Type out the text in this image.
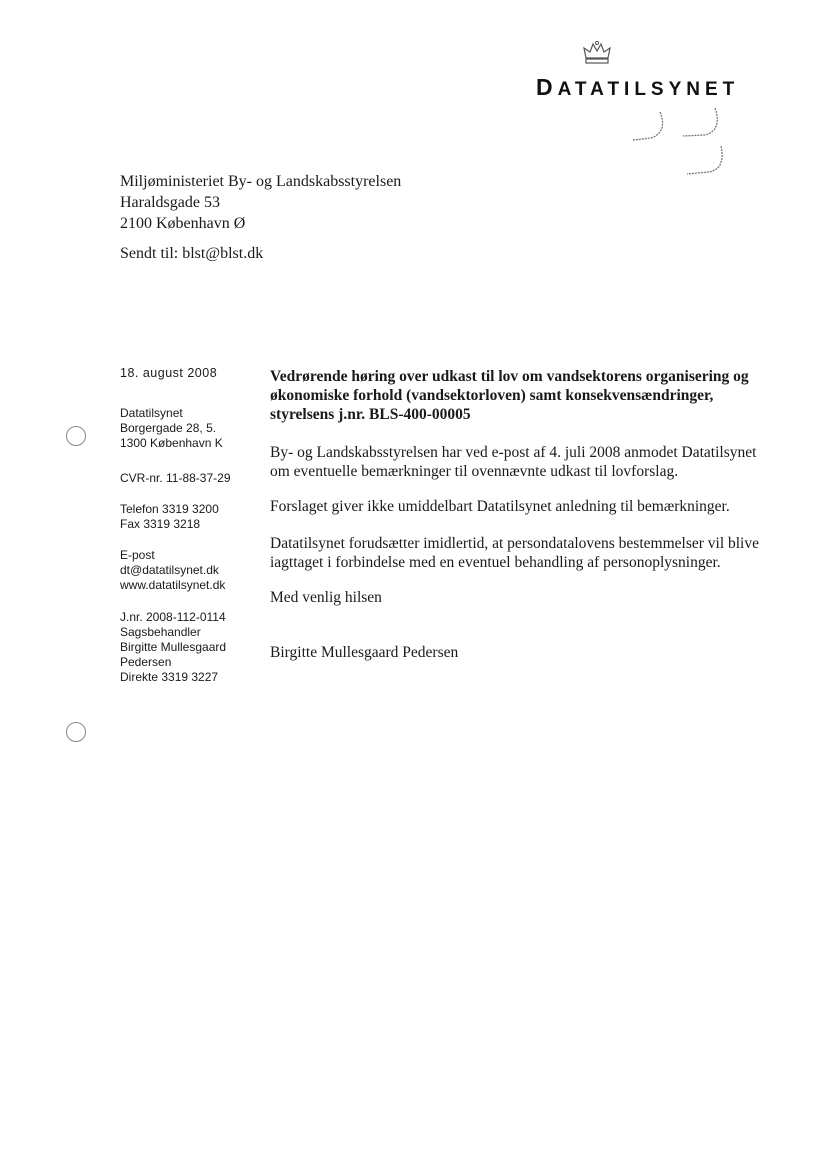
DATATILSYNET
Miljøministeriet By- og Landskabsstyrelsen
Haraldsgade 53
2100 København Ø
Sendt til: blst@blst.dk
18. august 2008
Datatilsynet
Borgergade 28, 5.
1300 København K
CVR-nr. 11-88-37-29
Telefon 3319 3200
Fax 3319 3218
E-post
dt@datatilsynet.dk
www.datatilsynet.dk
J.nr. 2008-112-0114
Sagsbehandler
Birgitte Mullesgaard
Pedersen
Direkte 3319 3227
Vedrørende høring over udkast til lov om vandsektorens organisering og økonomiske forhold (vandsektorloven) samt konsekvensændringer, styrelsens j.nr. BLS-400-00005
By- og Landskabsstyrelsen har ved e-post af 4. juli 2008 anmodet Datatilsynet om eventuelle bemærkninger til ovennævnte udkast til lovforslag.
Forslaget giver ikke umiddelbart Datatilsynet anledning til bemærkninger.
Datatilsynet forudsætter imidlertid, at persondatalovens bestemmelser vil blive iagttaget i forbindelse med en eventuel behandling af personoplysninger.
Med venlig hilsen
Birgitte Mullesgaard Pedersen
